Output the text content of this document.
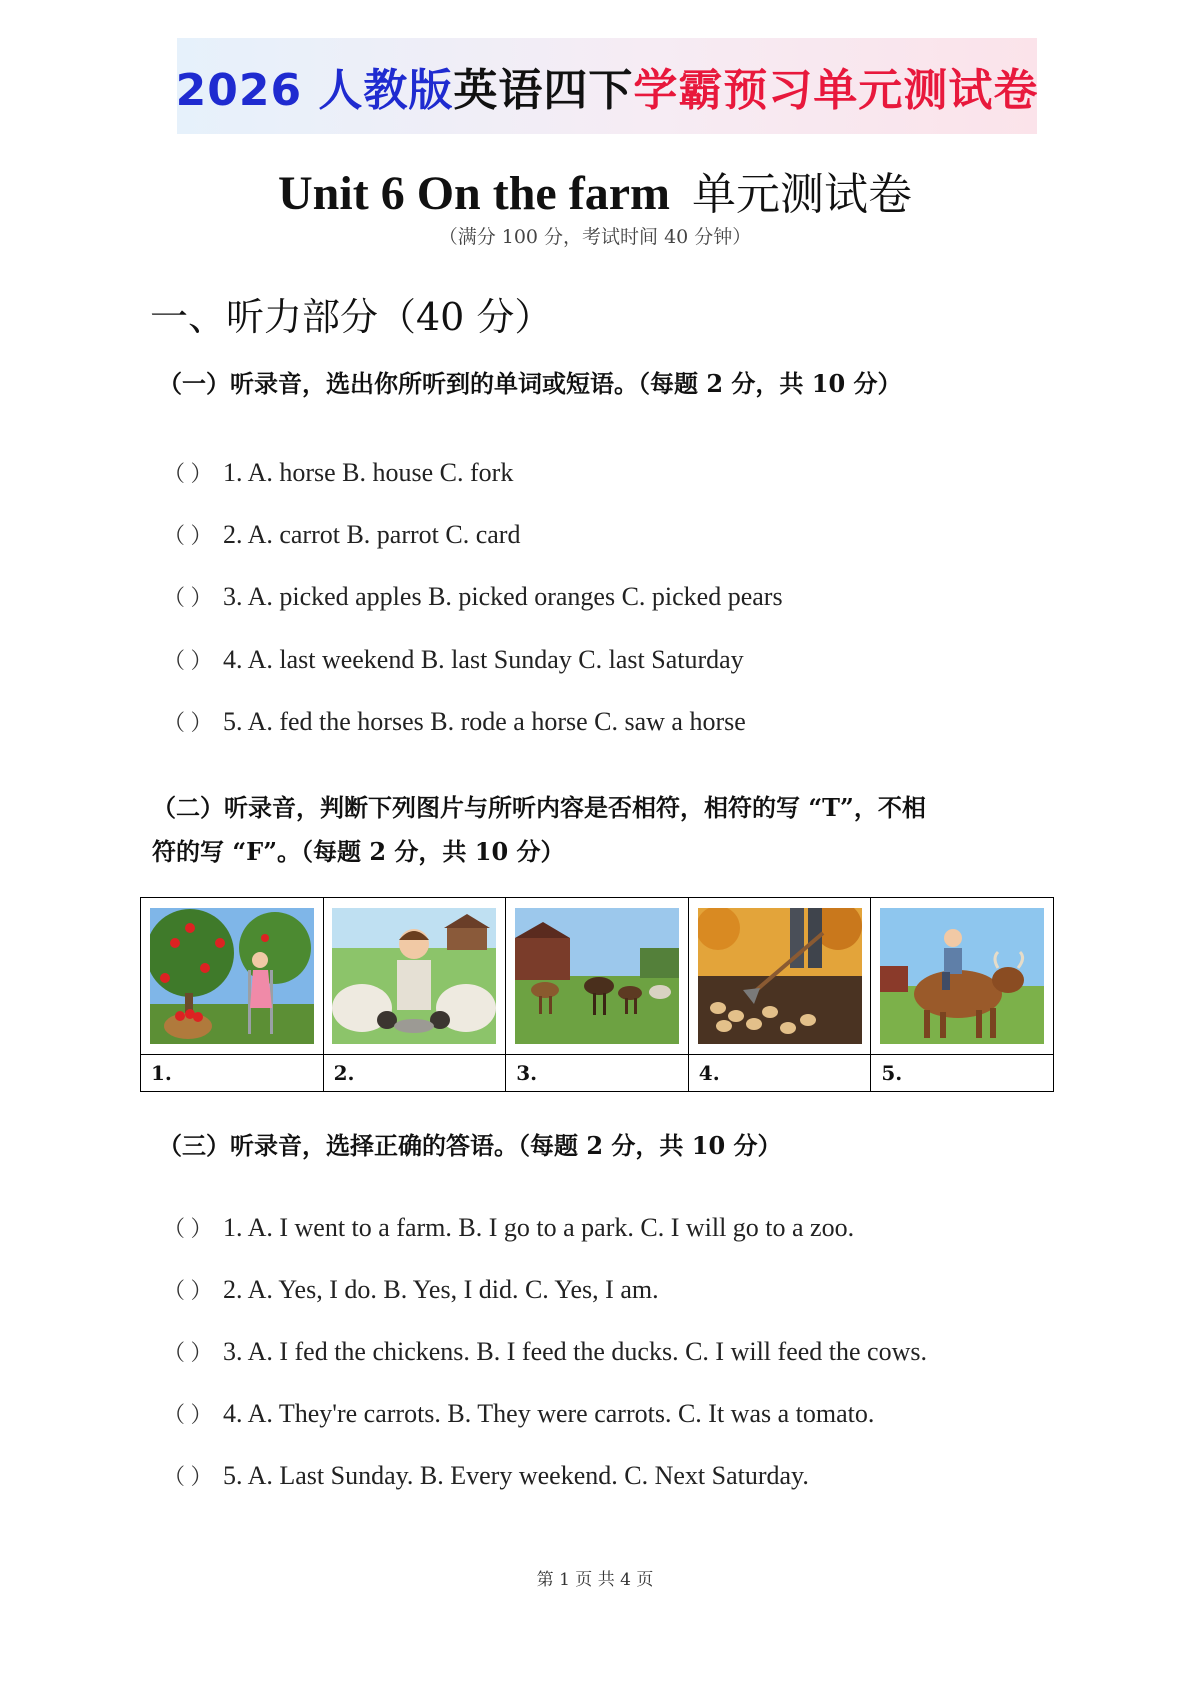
2026 人教版 英语四下 学霸预习单元测试卷
Unit 6 On the farm 单元测试卷
（满分 100 分，考试时间 40 分钟）
一、听力部分（40 分）
（一）听录音，选出你所听到的单词或短语。（每题 2 分，共 10 分）
（ ） 1. A. horse B. house C. fork
（ ） 2. A. carrot B. parrot C. card
（ ） 3. A. picked apples B. picked oranges C. picked pears
（ ） 4. A. last weekend B. last Sunday C. last Saturday
（ ） 5. A. fed the horses B. rode a horse C. saw a horse
（二）听录音，判断下列图片与所听内容是否相符，相符的写 “T”，不相
符的写 “F”。（每题 2 分，共 10 分）

1.	2.	3.	4.	5.
（三）听录音，选择正确的答语。（每题 2 分，共 10 分）
（ ） 1. A. I went to a farm. B. I go to a park. C. I will go to a zoo.
（ ） 2. A. Yes, I do. B. Yes, I did. C. Yes, I am.
（ ） 3. A. I fed the chickens. B. I feed the ducks. C. I will feed the cows.
（ ） 4. A. They're carrots. B. They were carrots. C. It was a tomato.
（ ） 5. A. Last Sunday. B. Every weekend. C. Next Saturday.
第 1 页 共 4 页
